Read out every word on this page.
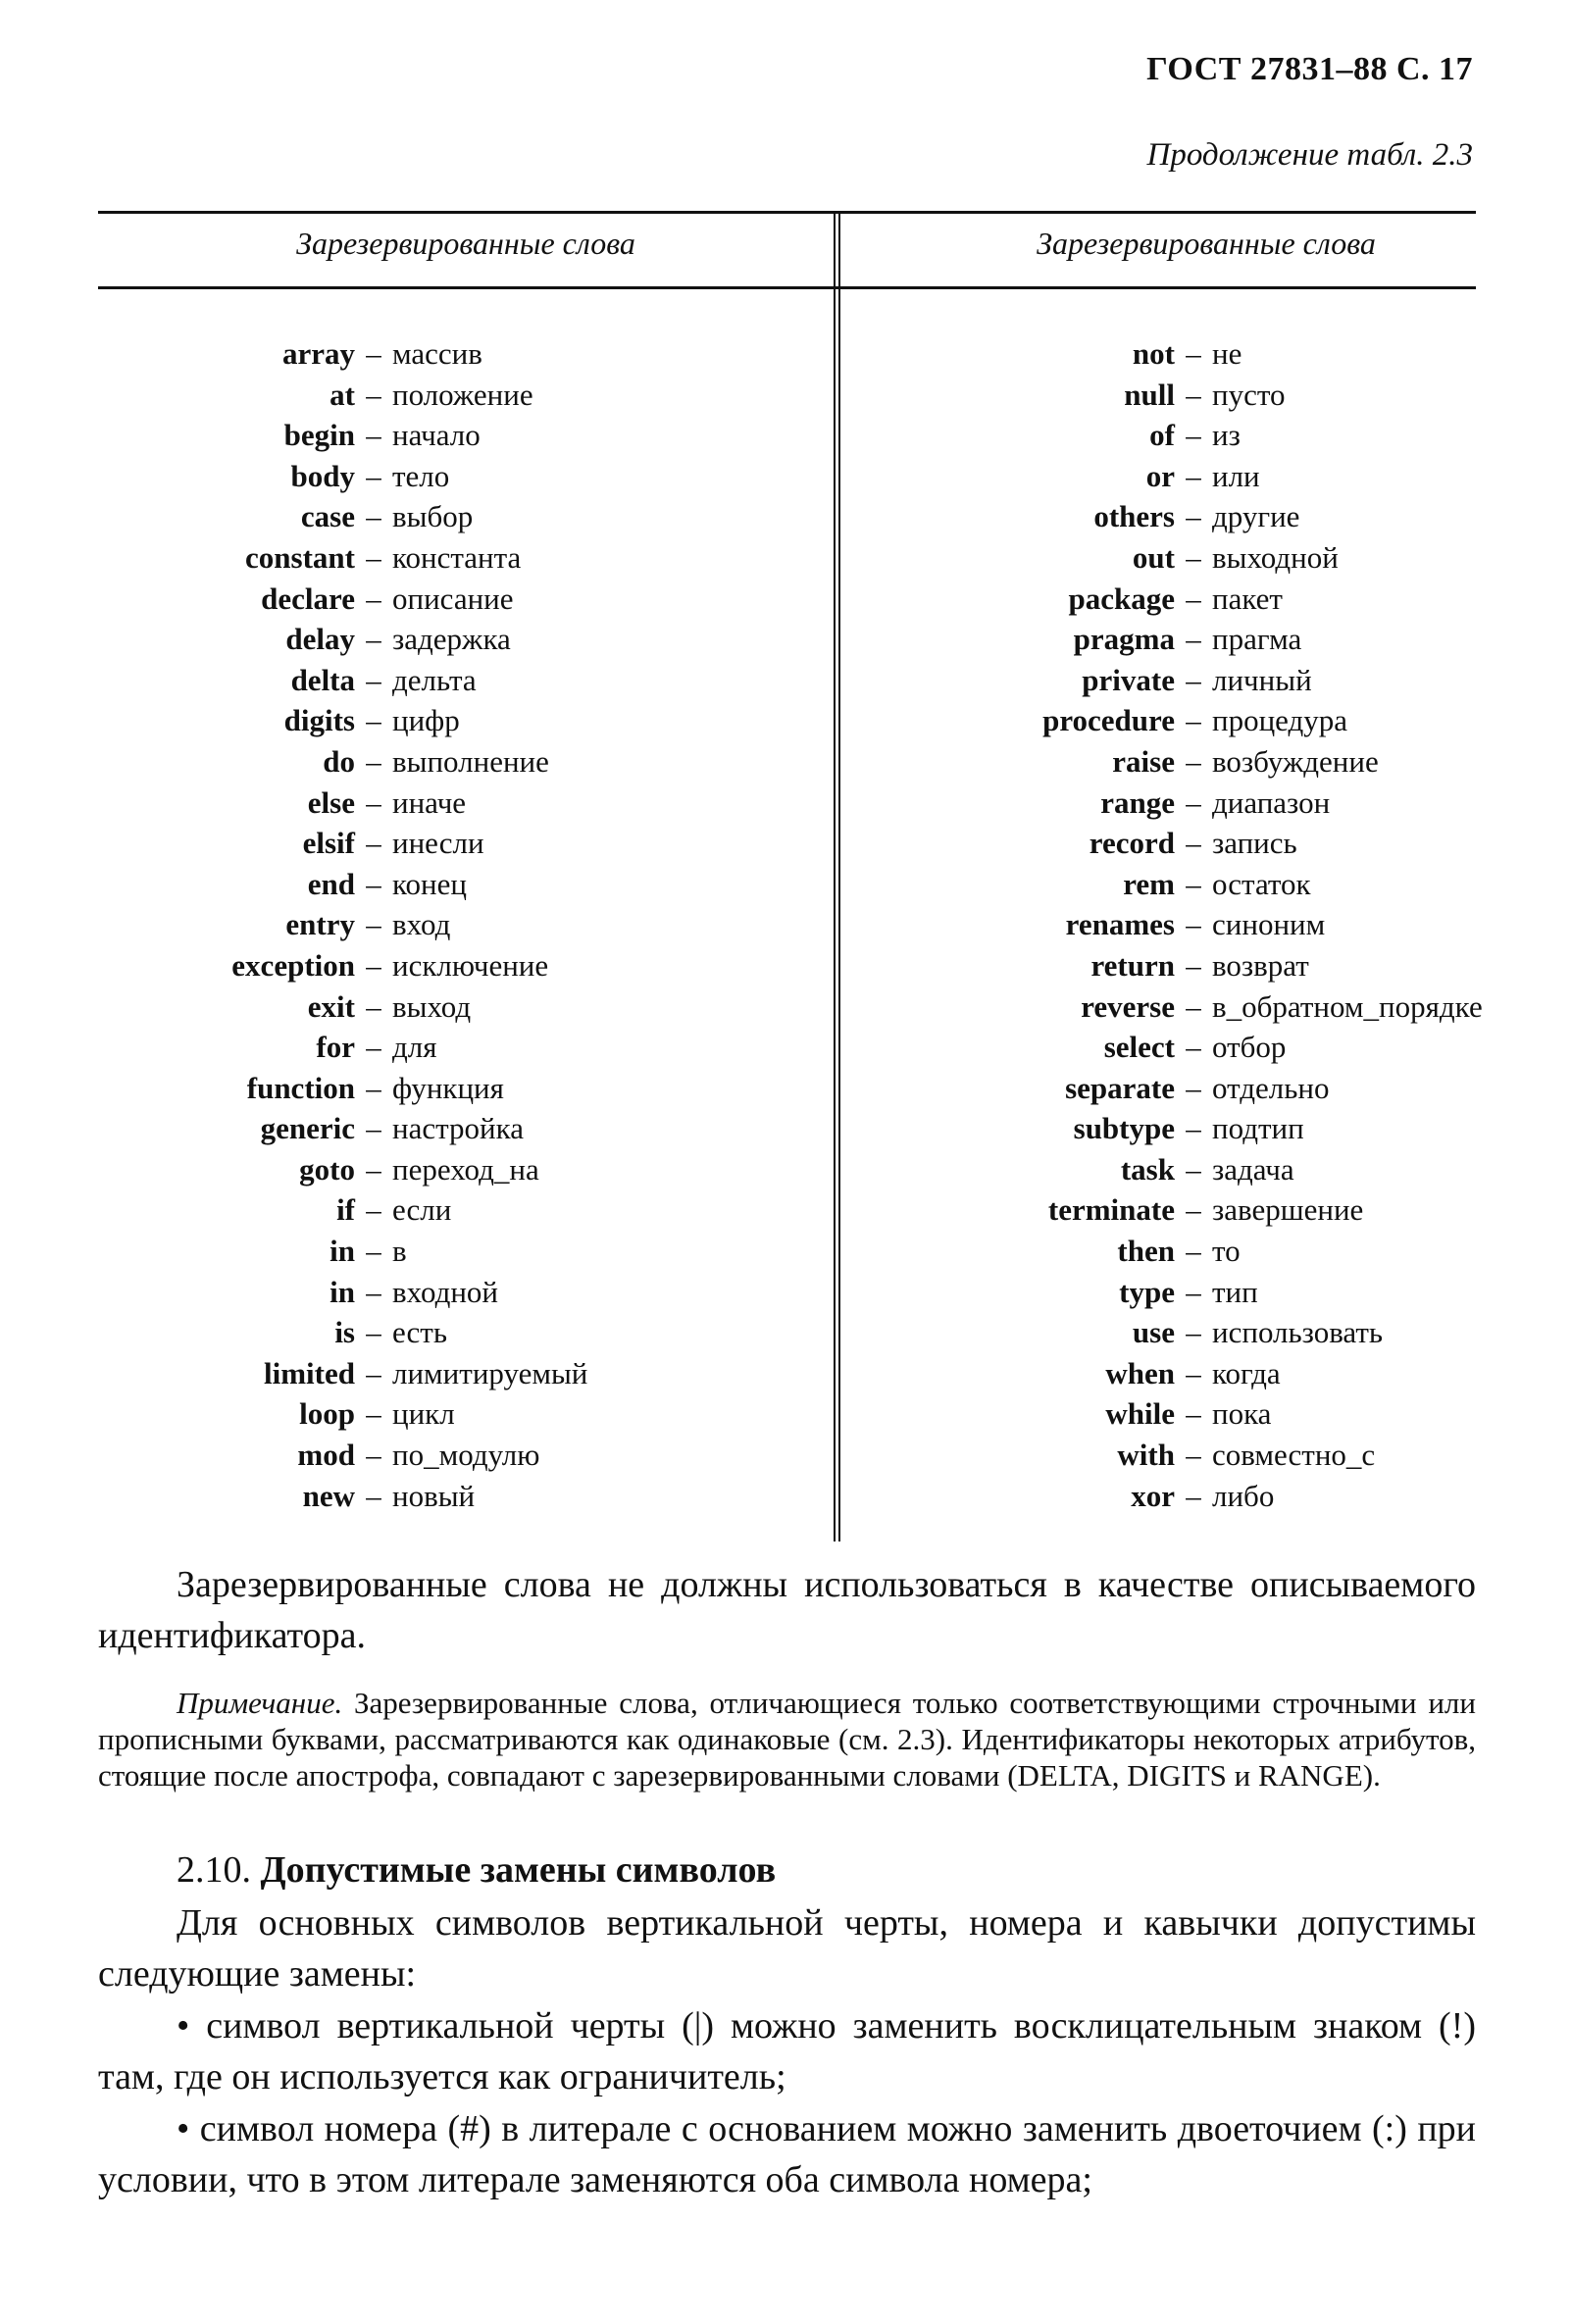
ГОСТ 27831–88 С. 17
Продолжение табл. 2.3
Зарезервированные слова	Зарезервированные слова
array – массив
at – положение
begin – начало
body – тело
case – выбор
constant – константа
declare – описание
delay – задержка
delta – дельта
digits – цифр
do – выполнение
else – иначе
elsif – инесли
end – конец
entry – вход
exception – исключение
exit – выход
for – для
function – функция
generic – настройка
goto – переход_на
if – если
in – в
in – входной
is – есть
limited – лимитируемый
loop – цикл
mod – по_модулю
new – новый
not – не
null – пусто
of – из
or – или
others – другие
out – выходной
package – пакет
pragma – прагма
private – личный
procedure – процедура
raise – возбуждение
range – диапазон
record – запись
rem – остаток
renames – синоним
return – возврат
reverse – в_обратном_порядке
select – отбор
separate – отдельно
subtype – подтип
task – задача
terminate – завершение
then – то
type – тип
use – использовать
when – когда
while – пока
with – совместно_с
xor – либо

Зарезервированные слова не должны использоваться в качестве описываемого идентификатора.

Примечание. Зарезервированные слова, отличающиеся только соответствующими строчными или прописными буквами, рассматриваются как одинаковые (см. 2.3). Идентификаторы некоторых атрибутов, стоящие после апострофа, совпадают с зарезервированными словами (DELTA, DIGITS и RANGE).

2.10. Допустимые замены символов

Для основных символов вертикальной черты, номера и кавычки допустимы следующие замены:

• символ вертикальной черты (|) можно заменить восклицательным знаком (!) там, где он используется как ограничитель;

• символ номера (#) в литерале с основанием можно заменить двоеточием (:) при условии, что в этом литерале заменяются оба символа номера;
